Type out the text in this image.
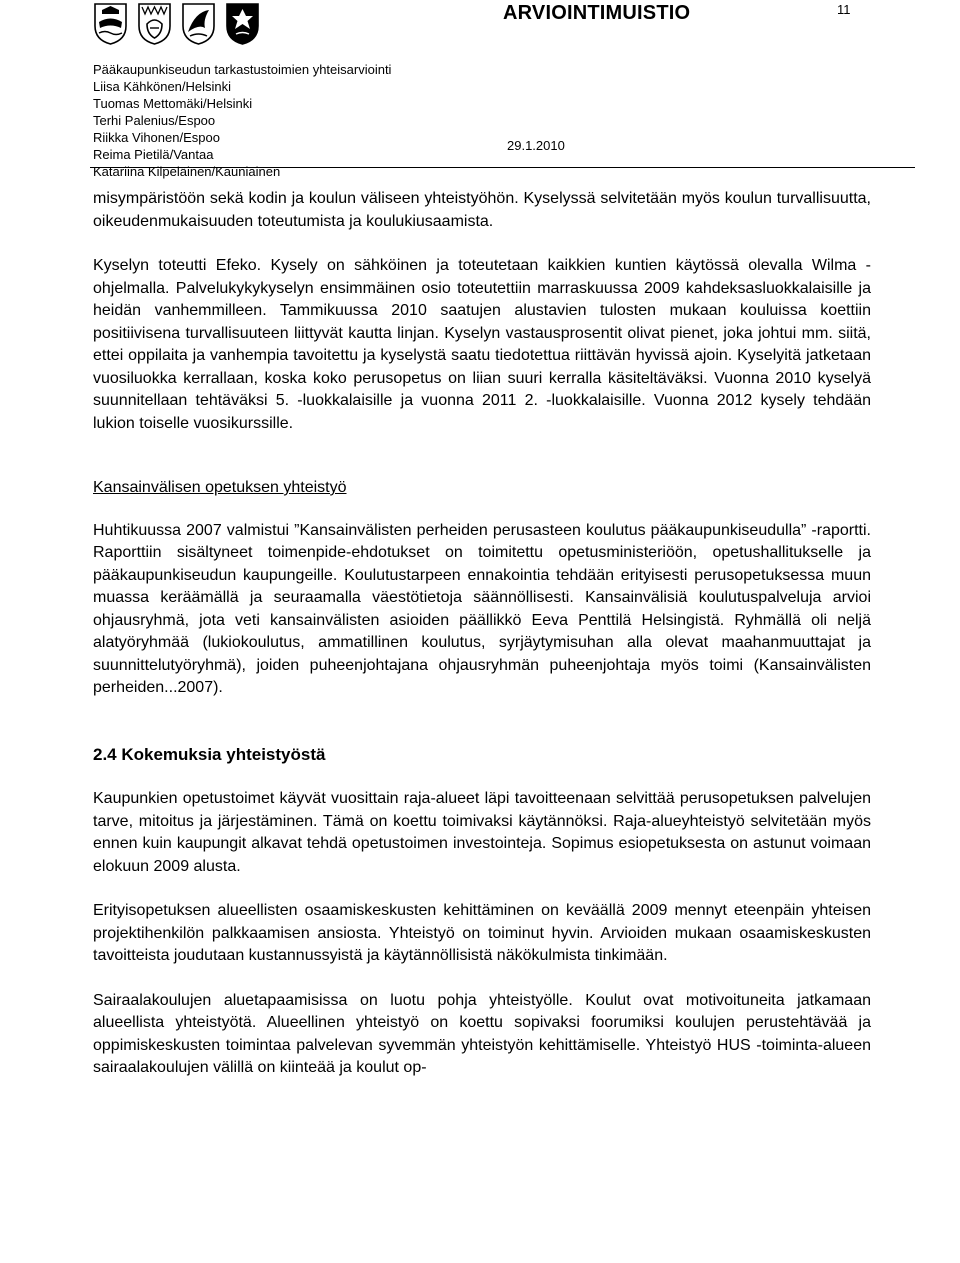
ARVIOINTIMUISTIO	11
Pääkaupunkiseudun tarkastustoimien yhteisarviointi
Liisa Kähkönen/Helsinki
Tuomas Mettomäki/Helsinki
Terhi Palenius/Espoo
Riikka Vihonen/Espoo
Reima Pietilä/Vantaa
Katariina Kilpeläinen/Kauniainen
29.1.2010

misympäristöön sekä kodin ja koulun väliseen yhteistyöhön. Kyselyssä selvitetään myös koulun turvallisuutta, oikeudenmukaisuuden toteutumista ja koulukiusaamista.

Kyselyn toteutti Efeko. Kysely on sähköinen ja toteutetaan kaikkien kuntien käytössä olevalla Wilma -ohjelmalla. Palvelukykykyselyn ensimmäinen osio toteutettiin marraskuussa 2009 kahdeksasluokkalaisille ja heidän vanhemmilleen. Tammikuussa 2010 saatujen alustavien tulosten mukaan kouluissa koettiin positiivisena turvallisuuteen liittyvät kautta linjan. Kyselyn vastausprosentit olivat pienet, joka johtui mm. siitä, ettei oppilaita ja vanhempia tavoitettu ja kyselystä saatu tiedotettua riittävän hyvissä ajoin. Kyselyitä jatketaan vuosiluokka kerrallaan, koska koko perusopetus on liian suuri kerralla käsiteltäväksi. Vuonna 2010 kyselyä suunnitellaan tehtäväksi 5. -luokkalaisille ja vuonna 2011 2. -luokkalaisille. Vuonna 2012 kysely tehdään lukion toiselle vuosikurssille.

Kansainvälisen opetuksen yhteistyö

Huhtikuussa 2007 valmistui ”Kansainvälisten perheiden perusasteen koulutus pääkaupunkiseudulla” -raportti. Raporttiin sisältyneet toimenpide-ehdotukset on toimitettu opetusministeriöön, opetushallitukselle ja pääkaupunkiseudun kaupungeille. Koulutustarpeen ennakointia tehdään erityisesti perusopetuksessa muun muassa keräämällä ja seuraamalla väestötietoja säännöllisesti. Kansainvälisiä koulutuspalveluja arvioi ohjausryhmä, jota veti kansainvälisten asioiden päällikkö Eeva Penttilä Helsingistä. Ryhmällä oli neljä alatyöryhmää (lukiokoulutus, ammatillinen koulutus, syrjäytymisuhan alla olevat maahanmuuttajat ja suunnittelutyöryhmä), joiden puheenjohtajana ohjausryhmän puheenjohtaja myös toimi (Kansainvälisten perheiden...2007).

2.4 Kokemuksia yhteistyöstä

Kaupunkien opetustoimet käyvät vuosittain raja-alueet läpi tavoitteenaan selvittää perusopetuksen palvelujen tarve, mitoitus ja järjestäminen. Tämä on koettu toimivaksi käytännöksi. Raja-alueyhteistyö selvitetään myös ennen kuin kaupungit alkavat tehdä opetustoimen investointeja. Sopimus esiopetuksesta on astunut voimaan elokuun 2009 alusta.

Erityisopetuksen alueellisten osaamiskeskusten kehittäminen on keväällä 2009 mennyt eteenpäin yhteisen projektihenkilön palkkaamisen ansiosta. Yhteistyö on toiminut hyvin. Arvioiden mukaan osaamiskeskusten tavoitteista joudutaan kustannussyistä ja käytännöllisistä näkökulmista tinkimään.

Sairaalakoulujen aluetapaamisissa on luotu pohja yhteistyölle. Koulut ovat motivoituneita jatkamaan alueellista yhteistyötä. Alueellinen yhteistyö on koettu sopivaksi foorumiksi koulujen perustehtävää ja oppimiskeskusten toimintaa palvelevan syvemmän yhteistyön kehittämiselle. Yhteistyö HUS -toiminta-alueen sairaalakoulujen välillä on kiinteää ja koulut op-
